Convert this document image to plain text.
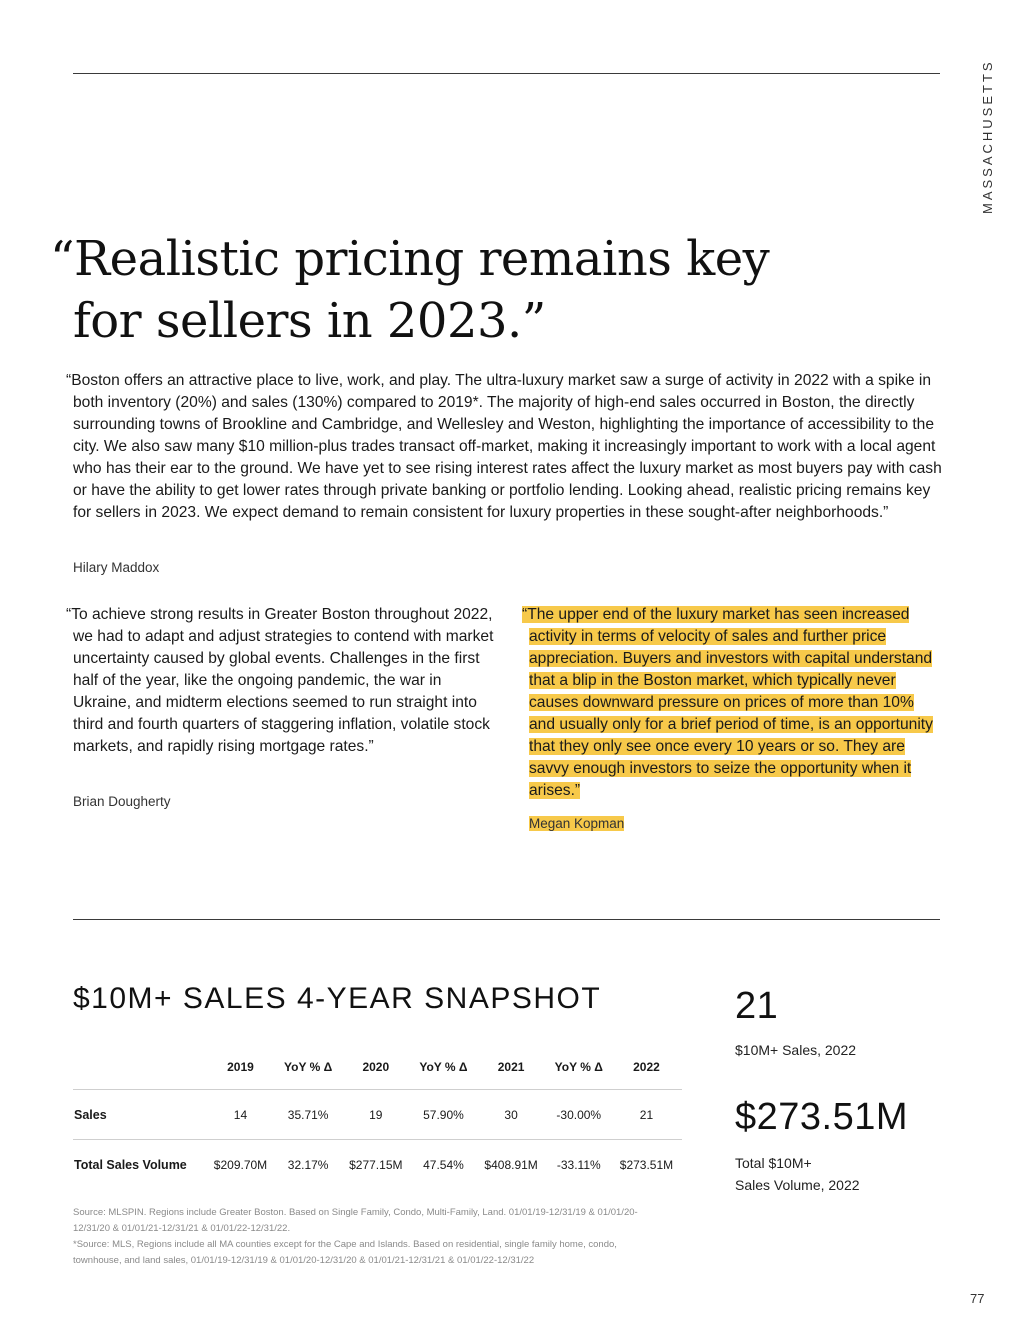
MASSACHUSETTS
“Realistic pricing remains key
for sellers in 2023.”

“Boston offers an attractive place to live, work, and play. The ultra-luxury market saw a surge of activity in 2022 with a spike in both inventory (20%) and sales (130%) compared to 2019*. The majority of high-end sales occurred in Boston, the directly surrounding towns of Brookline and Cambridge, and Wellesley and Weston, highlighting the importance of accessibility to the city. We also saw many $10 million-plus trades transact off-market, making it increasingly important to work with a local agent who has their ear to the ground. We have yet to see rising interest rates affect the luxury market as most buyers pay with cash or have the ability to get lower rates through private banking or portfolio lending. Looking ahead, realistic pricing remains key for sellers in 2023. We expect demand to remain consistent for luxury properties in these sought-after neighborhoods.”

Hilary Maddox

“To achieve strong results in Greater Boston throughout 2022, we had to adapt and adjust strategies to contend with market uncertainty caused by global events. Challenges in the first half of the year, like the ongoing pandemic, the war in Ukraine, and midterm elections seemed to run straight into third and fourth quarters of staggering inflation, volatile stock markets, and rapidly rising mortgage rates.”

Brian Dougherty

“The upper end of the luxury market has seen increased activity in terms of velocity of sales and further price appreciation. Buyers and investors with capital understand that a blip in the Boston market, which typically never causes downward pressure on prices of more than 10% and usually only for a brief period of time, is an opportunity that they only see once every 10 years or so. They are savvy enough investors to seize the opportunity when it arises.”

Megan Kopman

$10M+ SALES 4-YEAR SNAPSHOT
	2019	YoY % Δ	2020	YoY % Δ	2021	YoY % Δ	2022
Sales	14	35.71%	19	57.90%	30	-30.00%	21
Total Sales Volume	$209.70M	32.17%	$277.15M	47.54%	$408.91M	-33.11%	$273.51M

21

$10M+ Sales, 2022

$273.51M

Total $10M+
Sales Volume, 2022

Source: MLSPIN. Regions include Greater Boston. Based on Single Family, Condo, Multi-Family, Land. 01/01/19-12/31/19 & 01/01/20-12/31/20 & 01/01/21-12/31/21 & 01/01/22-12/31/22.
*Source: MLS, Regions include all MA counties except for the Cape and Islands. Based on residential, single family home, condo, townhouse, and land sales, 01/01/19-12/31/19 & 01/01/20-12/31/20 & 01/01/21-12/31/21 & 01/01/22-12/31/22

77
